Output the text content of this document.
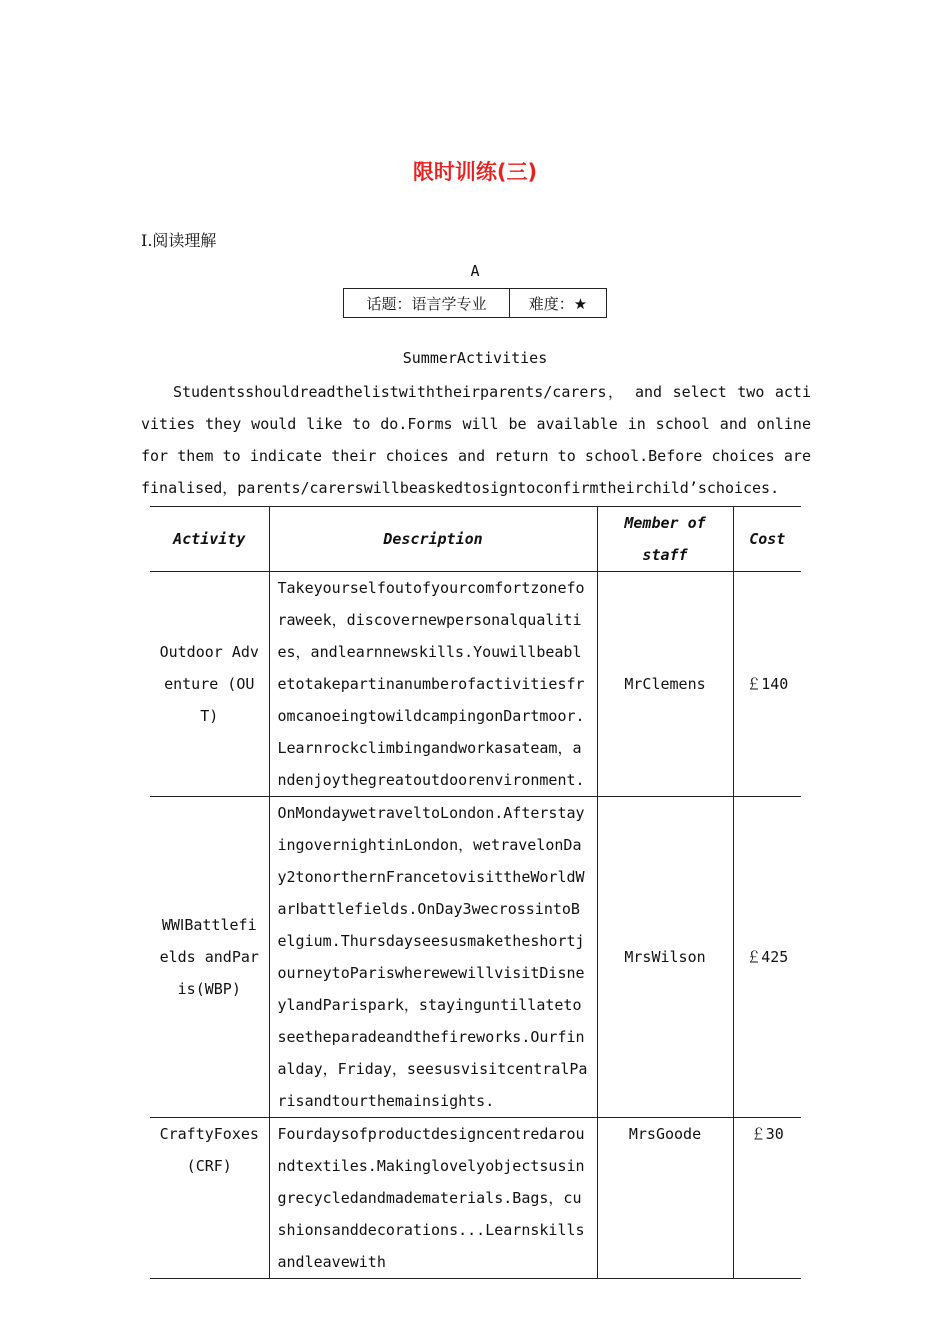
限时训练(三)
Ⅰ.阅读理解
A
话题：语言学专业	难度：★
SummerActivities
Studentsshouldreadthelistwiththeirparents/carers， and select two activities they would like to do.Forms will be available in school and online for them to indicate their choices and return to school.Before choices are finalised，parents/carerswillbeaskedtosigntoconfirmtheirchild’schoices.
Activity	Description	Member of staff	Cost
Outdoor Adventure (OUT)	Takeyourselfoutofyourcomfortzoneforaweek，discovernewpersonalqualities，andlearnnewskills.YouwillbeabletotakepartinanumberofactivitiesfromcanoeingtowildcampingonDartmoor.Learnrockclimbingandworkasateam，andenjoythegreatoutdoorenvironment.	MrClemens	￡140
WWⅠBattlefields andParis(WBP)	OnMondaywetraveltoLondon.AfterstayingovernightinLondon，wetravelonDay2tonorthernFrancetovisittheWorldWarⅠbattlefields.OnDay3wecrossintoBelgium.ThursdayseesusmaketheshortjourneytoPariswherewewillvisitDisneylandParispark，stayinguntillatetoseetheparadeandthefireworks.Ourfinalday，Friday，seesusvisitcentralParisandtourthemainsights.	MrsWilson	￡425
CraftyFoxes (CRF)	Fourdaysofproductdesigncentredaroundtextiles.Makinglovelyobjectsusingrecycledandmadematerials.Bags，cushionsanddecorations...Learnskillsandleavewith	MrsGoode	￡30
